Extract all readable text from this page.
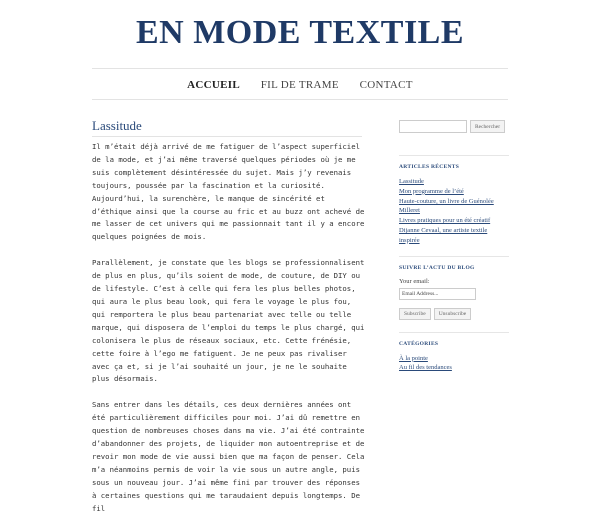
EN MODE TEXTILE
ACCUEIL FIL DE TRAME CONTACT
Lassitude

Il m’était déjà arrivé de me fatiguer de l’aspect superficiel de la mode, et j’ai même traversé quelques périodes où je me suis complètement désintéressée du sujet. Mais j’y revenais toujours, poussée par la fascination et la curiosité. Aujourd’hui, la surenchère, le manque de sincérité et d’éthique ainsi que la course au fric et au buzz ont achevé de me lasser de cet univers qui me passionnait tant il y a encore quelques poignées de mois.

Parallèlement, je constate que les blogs se professionnalisent de plus en plus, qu’ils soient de mode, de couture, de DIY ou de lifestyle. C’est à celle qui fera les plus belles photos, qui aura le plus beau look, qui fera le voyage le plus fou, qui remportera le plus beau partenariat avec telle ou telle marque, qui disposera de l’emploi du temps le plus chargé, qui colonisera le plus de réseaux sociaux, etc. Cette frénésie, cette foire à l’ego me fatiguent. Je ne peux pas rivaliser avec ça et, si je l’ai souhaité un jour, je ne le souhaite plus désormais.

Sans entrer dans les détails, ces deux dernières années ont été particulièrement difficiles pour moi. J’ai dû remettre en question de nombreuses choses dans ma vie. J’ai été contrainte d’abandonner des projets, de liquider mon autoentreprise et de revoir mon mode de vie aussi bien que ma façon de penser. Cela m’a néanmoins permis de voir la vie sous un autre angle, puis sous un nouveau jour. J’ai même fini par trouver des réponses à certaines questions qui me taraudaient depuis longtemps. De fil

Rechercher
ARTICLES RÉCENTS
Lassitude
Mon programme de l’été
Haute-couture, un livre de Guénolée Milleret
Livres pratiques pour un été créatif
Dijanne Cevaal, une artiste textile inspirée
SUIVRE L’ACTU DU BLOG
Your email:
Email Address...
Subscribe	Unsubscribe
CATÉGORIES
À la pointe
Au fil des tendances
